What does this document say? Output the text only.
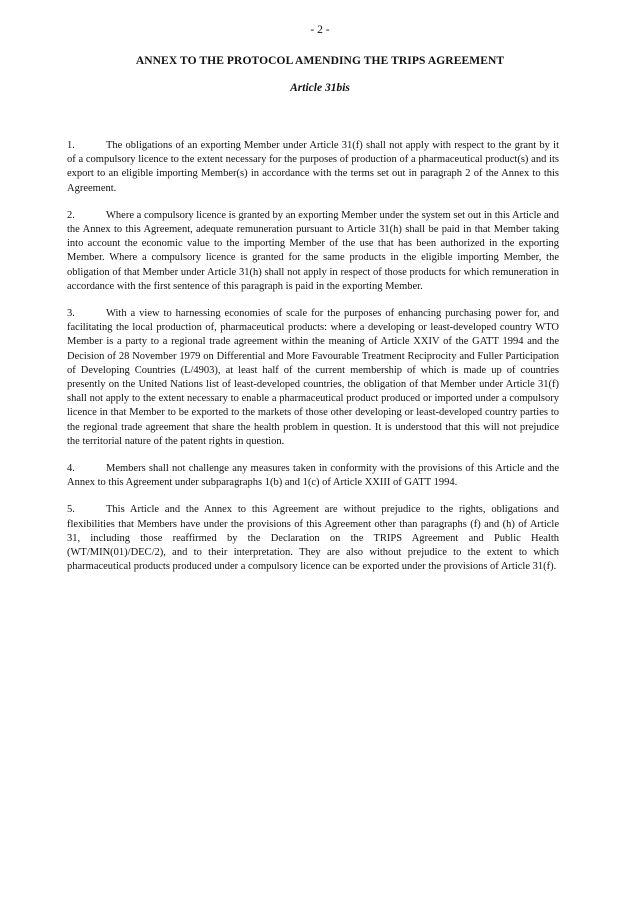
- 2 -
ANNEX TO THE PROTOCOL AMENDING THE TRIPS AGREEMENT
Article 31bis

1.	The obligations of an exporting Member under Article 31(f) shall not apply with respect to the grant by it of a compulsory licence to the extent necessary for the purposes of production of a pharmaceutical product(s) and its export to an eligible importing Member(s) in accordance with the terms set out in paragraph 2 of the Annex to this Agreement.

2.	Where a compulsory licence is granted by an exporting Member under the system set out in this Article and the Annex to this Agreement, adequate remuneration pursuant to Article 31(h) shall be paid in that Member taking into account the economic value to the importing Member of the use that has been authorized in the exporting Member. Where a compulsory licence is granted for the same products in the eligible importing Member, the obligation of that Member under Article 31(h) shall not apply in respect of those products for which remuneration in accordance with the first sentence of this paragraph is paid in the exporting Member.

3.	With a view to harnessing economies of scale for the purposes of enhancing purchasing power for, and facilitating the local production of, pharmaceutical products: where a developing or least-developed country WTO Member is a party to a regional trade agreement within the meaning of Article XXIV of the GATT 1994 and the Decision of 28 November 1979 on Differential and More Favourable Treatment Reciprocity and Fuller Participation of Developing Countries (L/4903), at least half of the current membership of which is made up of countries presently on the United Nations list of least-developed countries, the obligation of that Member under Article 31(f) shall not apply to the extent necessary to enable a pharmaceutical product produced or imported under a compulsory licence in that Member to be exported to the markets of those other developing or least-developed country parties to the regional trade agreement that share the health problem in question. It is understood that this will not prejudice the territorial nature of the patent rights in question.

4.	Members shall not challenge any measures taken in conformity with the provisions of this Article and the Annex to this Agreement under subparagraphs 1(b) and 1(c) of Article XXIII of GATT 1994.

5.	This Article and the Annex to this Agreement are without prejudice to the rights, obligations and flexibilities that Members have under the provisions of this Agreement other than paragraphs (f) and (h) of Article 31, including those reaffirmed by the Declaration on the TRIPS Agreement and Public Health (WT/MIN(01)/DEC/2), and to their interpretation. They are also without prejudice to the extent to which pharmaceutical products produced under a compulsory licence can be exported under the provisions of Article 31(f).
